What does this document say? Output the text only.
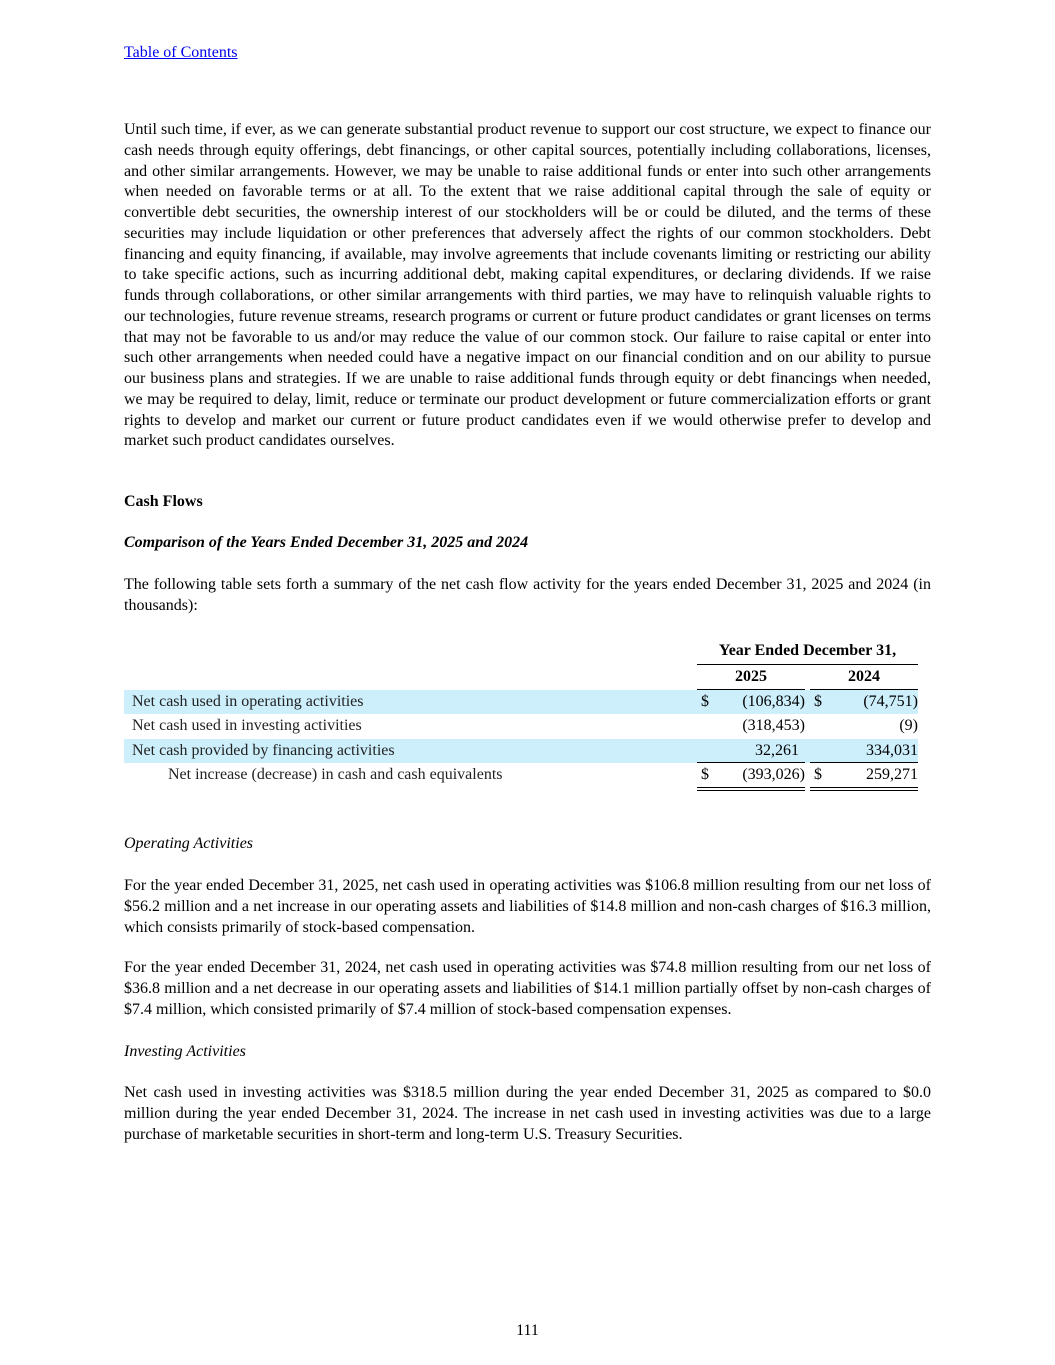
Table of Contents
Until such time, if ever, as we can generate substantial product revenue to support our cost structure, we expect to finance our cash needs through equity offerings, debt financings, or other capital sources, potentially including collaborations, licenses, and other similar arrangements. However, we may be unable to raise additional funds or enter into such other arrangements when needed on favorable terms or at all. To the extent that we raise additional capital through the sale of equity or convertible debt securities, the ownership interest of our stockholders will be or could be diluted, and the terms of these securities may include liquidation or other preferences that adversely affect the rights of our common stockholders. Debt financing and equity financing, if available, may involve agreements that include covenants limiting or restricting our ability to take specific actions, such as incurring additional debt, making capital expenditures, or declaring dividends. If we raise funds through collaborations, or other similar arrangements with third parties, we may have to relinquish valuable rights to our technologies, future revenue streams, research programs or current or future product candidates or grant licenses on terms that may not be favorable to us and/or may reduce the value of our common stock. Our failure to raise capital or enter into such other arrangements when needed could have a negative impact on our financial condition and on our ability to pursue our business plans and strategies. If we are unable to raise additional funds through equity or debt financings when needed, we may be required to delay, limit, reduce or terminate our product development or future commercialization efforts or grant rights to develop and market our current or future product candidates even if we would otherwise prefer to develop and market such product candidates ourselves.
Cash Flows
Comparison of the Years Ended December 31, 2025 and 2024
The following table sets forth a summary of the net cash flow activity for the years ended December 31, 2025 and 2024 (in thousands):
Year Ended December 31,
2025	2024
Net cash used in operating activities	$	(106,834) $	(74,751)
Net cash used in investing activities	(318,453)	(9)
Net cash provided by financing activities	32,261	334,031
Net increase (decrease) in cash and cash equivalents	$	(393,026) $	259,271
Operating Activities
For the year ended December 31, 2025, net cash used in operating activities was $106.8 million resulting from our net loss of $56.2 million and a net increase in our operating assets and liabilities of $14.8 million and non-cash charges of $16.3 million, which consists primarily of stock-based compensation.
For the year ended December 31, 2024, net cash used in operating activities was $74.8 million resulting from our net loss of $36.8 million and a net decrease in our operating assets and liabilities of $14.1 million partially offset by non-cash charges of $7.4 million, which consisted primarily of $7.4 million of stock-based compensation expenses.
Investing Activities
Net cash used in investing activities was $318.5 million during the year ended December 31, 2025 as compared to $0.0 million during the year ended December 31, 2024. The increase in net cash used in investing activities was due to a large purchase of marketable securities in short-term and long-term U.S. Treasury Securities.
111
